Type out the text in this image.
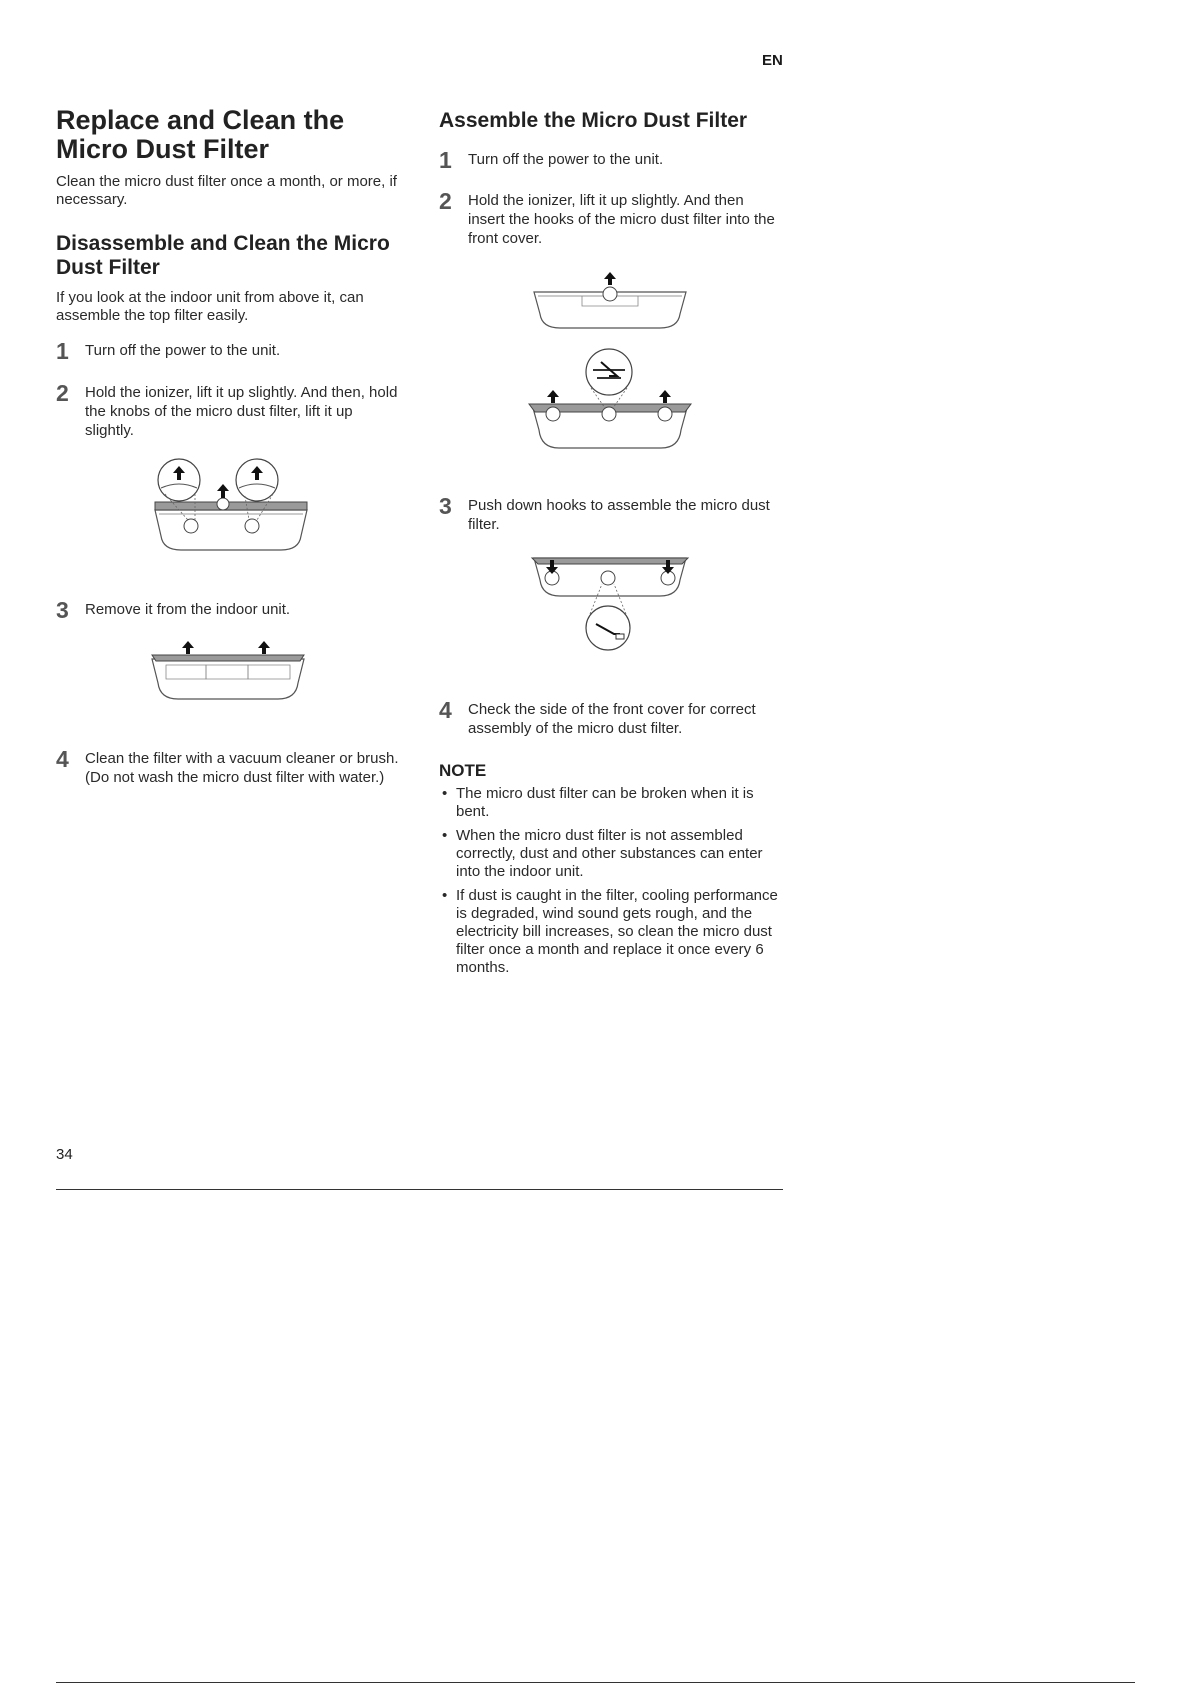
EN
Replace and Clean the Micro Dust Filter

Clean the micro dust filter once a month, or more, if necessary.

Disassemble and Clean the Micro Dust Filter

If you look at the indoor unit from above it, can assemble the top filter easily.

1 Turn off the power to the unit.
2 Hold the ionizer, lift it up slightly. And then, hold the knobs of the micro dust filter, lift it up slightly.
3 Remove it from the indoor unit.
4 Clean the filter with a vacuum cleaner or brush. (Do not wash the micro dust filter with water.)
Assemble the Micro Dust Filter
1 Turn off the power to the unit.
2 Hold the ionizer, lift it up slightly. And then insert the hooks of the micro dust filter into the front cover.
3 Push down hooks to assemble the micro dust filter.
4 Check the side of the front cover for correct assembly of the micro dust filter.
NOTE
• The micro dust filter can be broken when it is bent.
• When the micro dust filter is not assembled correctly, dust and other substances can enter into the indoor unit.
• If dust is caught in the filter, cooling performance is degraded, wind sound gets rough, and the electricity bill increases, so clean the micro dust filter once a month and replace it once every 6 months.
34
